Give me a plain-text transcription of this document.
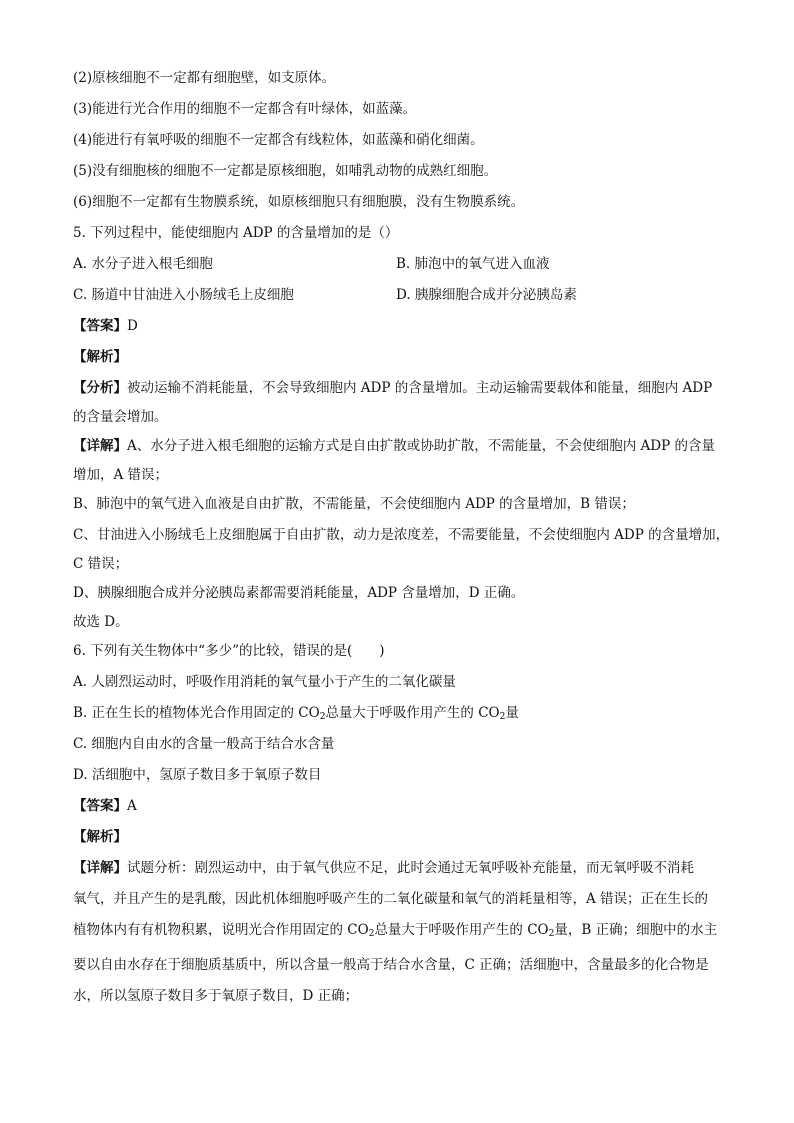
(2)原核细胞不一定都有细胞壁，如支原体。
(3)能进行光合作用的细胞不一定都含有叶绿体，如蓝藻。
(4)能进行有氧呼吸的细胞不一定都含有线粒体，如蓝藻和硝化细菌。
(5)没有细胞核的细胞不一定都是原核细胞，如哺乳动物的成熟红细胞。
(6)细胞不一定都有生物膜系统，如原核细胞只有细胞膜，没有生物膜系统。
5. 下列过程中，能使细胞内 ADP 的含量增加的是（）
A. 水分子进入根毛细胞	B. 肺泡中的氧气进入血液
C. 肠道中甘油进入小肠绒毛上皮细胞	D. 胰腺细胞合成并分泌胰岛素
【答案】D
【解析】
【分析】被动运输不消耗能量，不会导致细胞内 ADP 的含量增加。主动运输需要载体和能量，细胞内 ADP
的含量会增加。
【详解】A、水分子进入根毛细胞的运输方式是自由扩散或协助扩散，不需能量，不会使细胞内 ADP 的含量
增加，A 错误；
B、肺泡中的氧气进入血液是自由扩散，不需能量，不会使细胞内 ADP 的含量增加，B 错误；
C、甘油进入小肠绒毛上皮细胞属于自由扩散，动力是浓度差，不需要能量，不会使细胞内 ADP 的含量增加，
C 错误；
D、胰腺细胞合成并分泌胰岛素都需要消耗能量，ADP 含量增加，D 正确。
故选 D。
6. 下列有关生物体中“多少”的比较，错误的是(　　)
A. 人剧烈运动时，呼吸作用消耗的氧气量小于产生的二氧化碳量
B. 正在生长的植物体光合作用固定的 $CO_2$总量大于呼吸作用产生的 $CO_2$量
C. 细胞内自由水的含量一般高于结合水含量
D. 活细胞中，氢原子数目多于氧原子数目
【答案】A
【解析】
【详解】试题分析：剧烈运动中，由于氧气供应不足，此时会通过无氧呼吸补充能量，而无氧呼吸不消耗
氧气，并且产生的是乳酸，因此机体细胞呼吸产生的二氧化碳量和氧气的消耗量相等，A 错误；正在生长的
植物体内有有机物积累，说明光合作用固定的 $CO_2$总量大于呼吸作用产生的 $CO_2$量，B 正确；细胞中的水主
要以自由水存在于细胞质基质中，所以含量一般高于结合水含量，C 正确；活细胞中，含量最多的化合物是
水，所以氢原子数目多于氧原子数目，D 正确；
